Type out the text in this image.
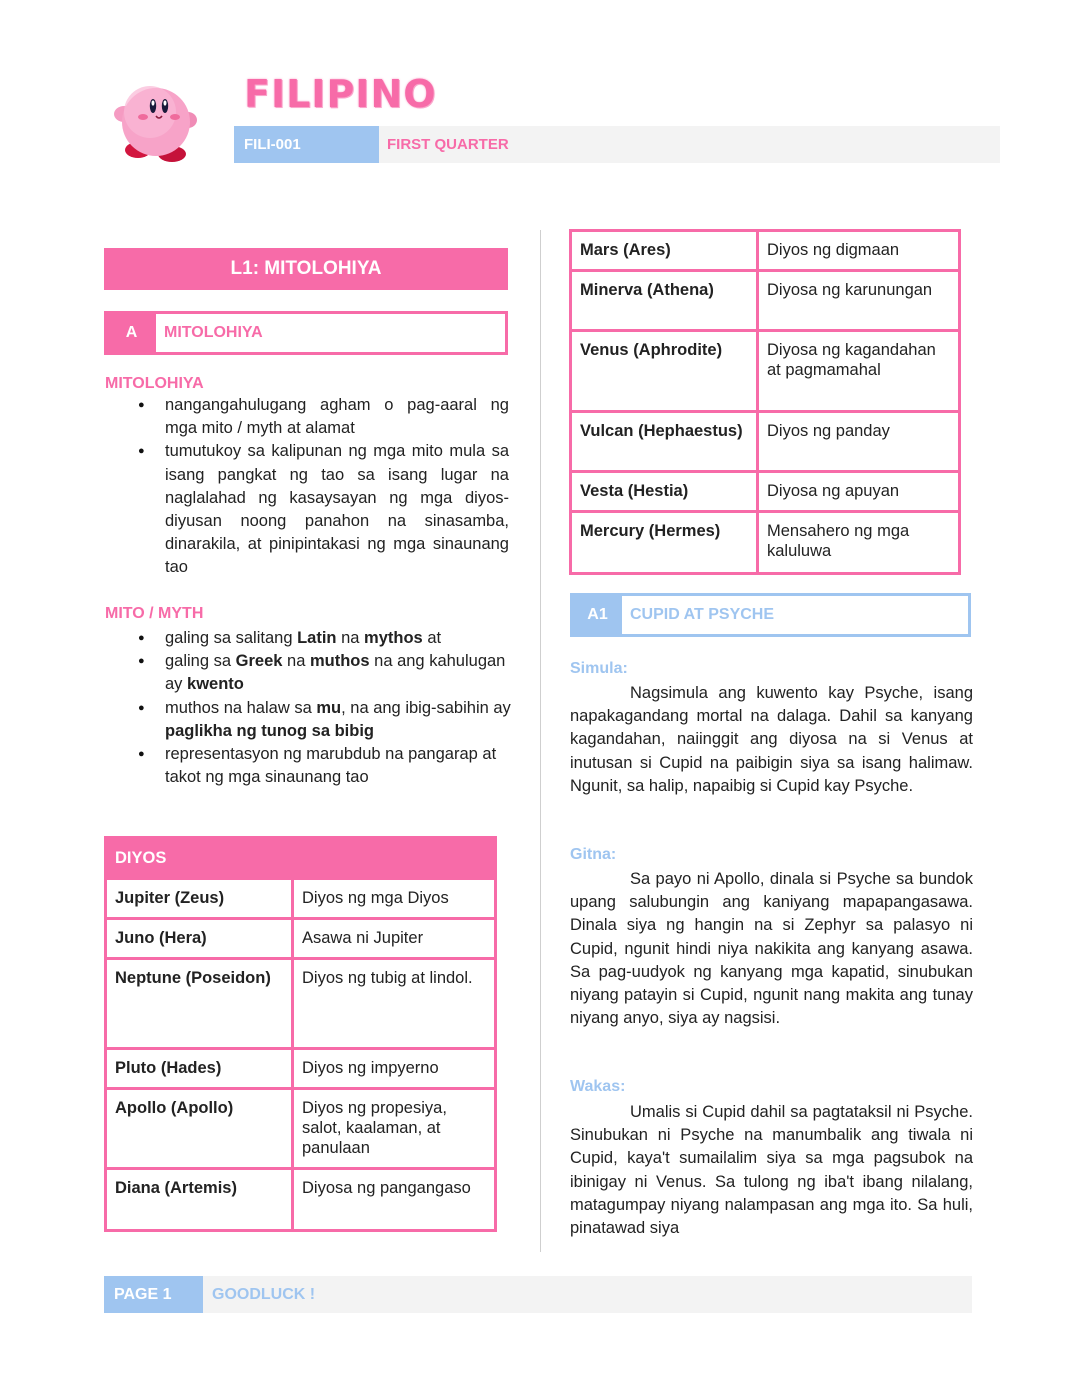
FILIPINO
FILI-001	FIRST QUARTER
L1: MITOLOHIYA
A	MITOLOHIYA
MITOLOHIYA
● nangangahulugang agham o pag-aaral ng mga mito / myth at alamat
● tumutukoy sa kalipunan ng mga mito mula sa isang pangkat ng tao sa isang lugar na naglalahad ng kasaysayan ng mga diyos-diyusan noong panahon na sinasamba, dinarakila, at pinipintakasi ng mga sinaunang tao
MITO / MYTH
● galing sa salitang Latin na mythos at
● galing sa Greek na muthos na ang kahulugan ay kwento
● muthos na halaw sa mu, na ang ibig-sabihin ay paglikha ng tunog sa bibig
● representasyon ng marubdub na pangarap at takot ng mga sinaunang tao
DIYOS	
Jupiter (Zeus)	Diyos ng mga Diyos
Juno (Hera)	Asawa ni Jupiter
Neptune (Poseidon)	Diyos ng tubig at lindol.
Pluto (Hades)	Diyos ng impyerno
Apollo (Apollo)	Diyos ng propesiya, salot, kaalaman, at panulaan
Diana (Artemis)	Diyosa ng pangangaso
Mars (Ares)	Diyos ng digmaan
Minerva (Athena)	Diyosa ng karunungan
Venus (Aphrodite)	Diyosa ng kagandahan at pagmamahal
Vulcan (Hephaestus)	Diyos ng panday
Vesta (Hestia)	Diyosa ng apuyan
Mercury (Hermes)	Mensahero ng mga kaluluwa
A1	CUPID AT PSYCHE
Simula:

Nagsimula ang kuwento kay Psyche, isang napakagandang mortal na dalaga. Dahil sa kanyang kagandahan, naiinggit ang diyosa na si Venus at inutusan si Cupid na paibigin siya sa isang halimaw. Ngunit, sa halip, napaibig si Cupid kay Psyche.

Gitna:

Sa payo ni Apollo, dinala si Psyche sa bundok upang salubungin ang kaniyang mapapangasawa. Dinala siya ng hangin na si Zephyr sa palasyo ni Cupid, ngunit hindi niya nakikita ang kanyang asawa. Sa pag-uudyok ng kanyang mga kapatid, sinubukan niyang patayin si Cupid, ngunit nang makita ang tunay niyang anyo, siya ay nagsisi.

Wakas:

Umalis si Cupid dahil sa pagtataksil ni Psyche. Sinubukan ni Psyche na manumbalik ang tiwala ni Cupid, kaya't sumailalim siya sa mga pagsubok na ibinigay ni Venus. Sa tulong ng iba't ibang nilalang, matagumpay niyang nalampasan ang mga ito. Sa huli, pinatawad siya

PAGE 1	GOODLUCK !
